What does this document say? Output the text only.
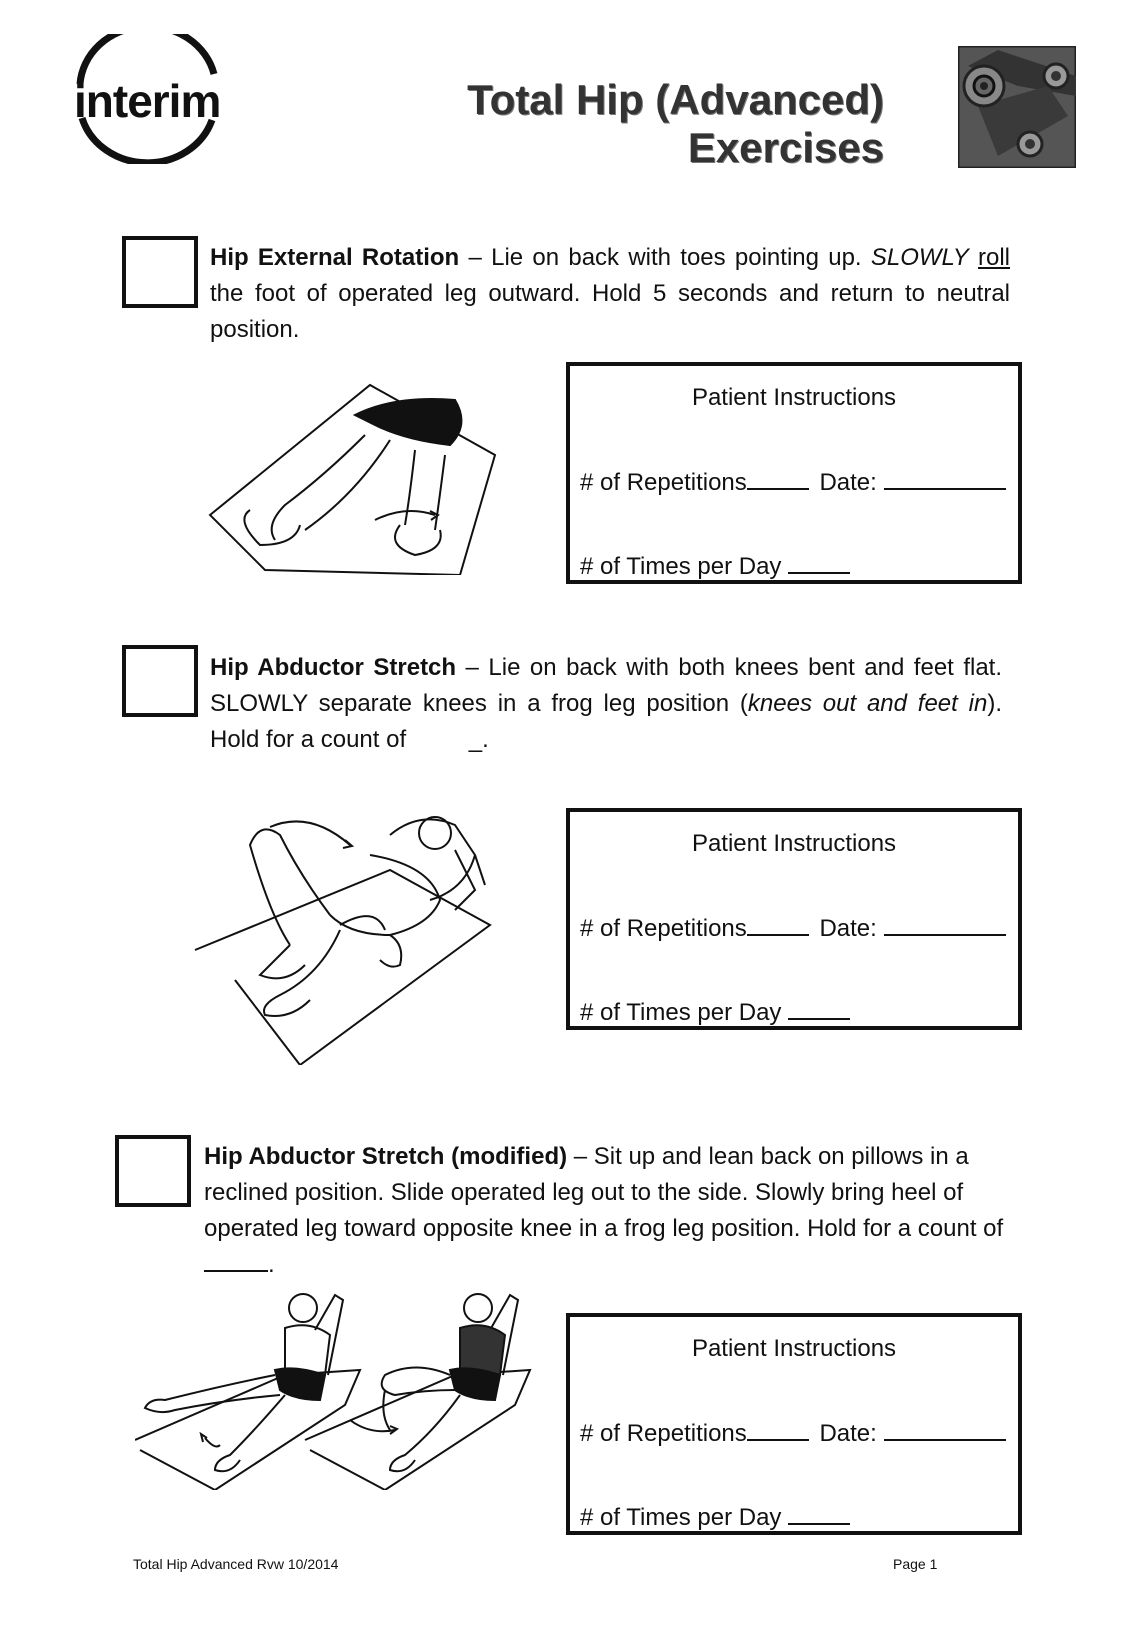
interim	Total Hip (Advanced)
Exercises
Hip External Rotation – Lie on back with toes pointing up. SLOWLY roll the foot of operated leg outward. Hold 5 seconds and return to neutral position.
Patient Instructions
# of Repetitions	Date:
# of Times per Day
Hip Abductor Stretch – Lie on back with both knees bent and feet flat. SLOWLY separate knees in a frog leg position (knees out and feet in). Hold for a count of _.
Patient Instructions
# of Repetitions	Date:
# of Times per Day
Hip Abductor Stretch (modified) – Sit up and lean back on pillows in a reclined position. Slide operated leg out to the side. Slowly bring heel of operated leg toward opposite knee in a frog leg position. Hold for a count of .
Patient Instructions
# of Repetitions	Date:
# of Times per Day
Total Hip Advanced Rvw 10/2014	Page 1
